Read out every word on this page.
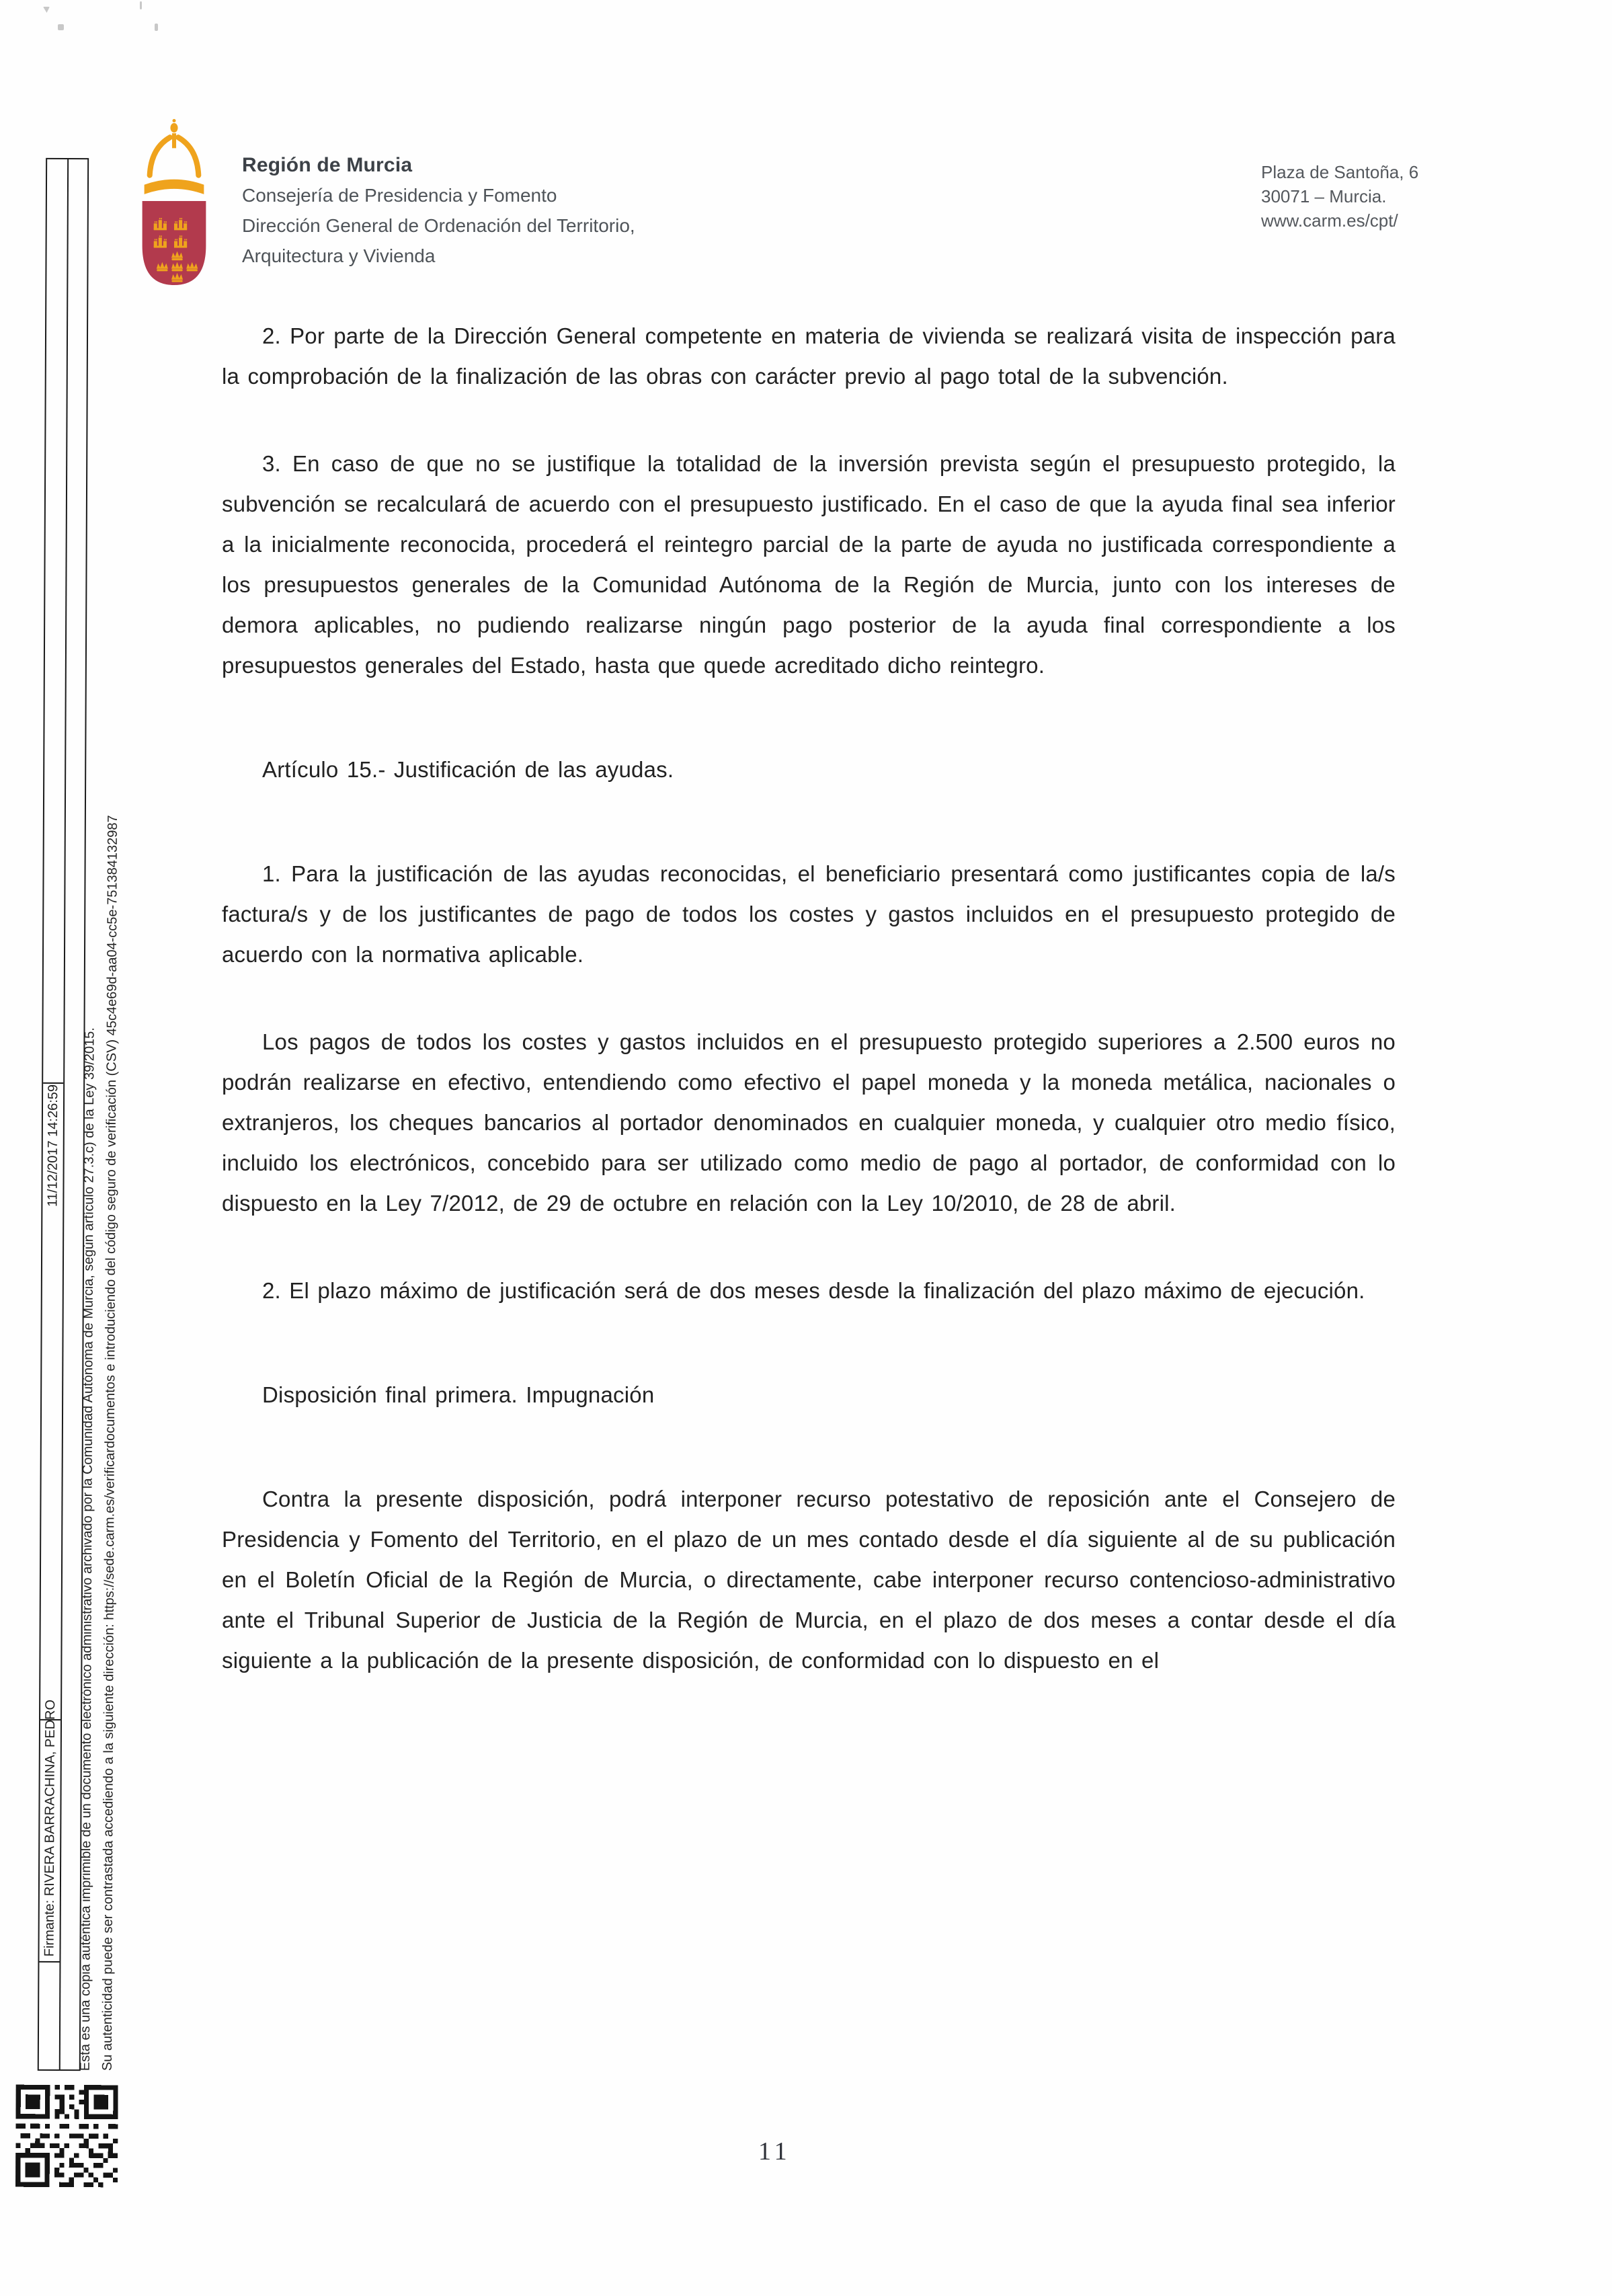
Región de Murcia
Consejería de Presidencia y Fomento
Dirección General de Ordenación del Territorio,
Arquitectura y Vivienda
Plaza de Santoña, 6
30071 – Murcia.
www.carm.es/cpt/
11/12/2017 14:26:59
Firmante: RIVERA BARRACHINA, PEDRO Esta es una copia auténtica imprimible de un documento electrónico administrativo archivado por la Comunidad Autónoma de Murcia, según artículo 27.3.c) de la Ley 39/2015. Su autenticidad puede ser contrastada accediendo a la siguiente dirección: https://sede.carm.es/verificardocumentos e introduciendo del código seguro de verificación (CSV) 45c4e69d-aa04-cc5e-751384132987

2. Por parte de la Dirección General competente en materia de vivienda se realizará visita de inspección para la comprobación de la finalización de las obras con carácter previo al pago total de la subvención.

3. En caso de que no se justifique la totalidad de la inversión prevista según el presupuesto protegido, la subvención se recalculará de acuerdo con el presupuesto justificado. En el caso de que la ayuda final sea inferior a la inicialmente reconocida, procederá el reintegro parcial de la parte de ayuda no justificada correspondiente a los presupuestos generales de la Comunidad Autónoma de la Región de Murcia, junto con los intereses de demora aplicables, no pudiendo realizarse ningún pago posterior de la ayuda final correspondiente a los presupuestos generales del Estado, hasta que quede acreditado dicho reintegro.

Artículo 15.- Justificación de las ayudas.

1. Para la justificación de las ayudas reconocidas, el beneficiario presentará como justificantes copia de la/s factura/s y de los justificantes de pago de todos los costes y gastos incluidos en el presupuesto protegido de acuerdo con la normativa aplicable.

Los pagos de todos los costes y gastos incluidos en el presupuesto protegido superiores a 2.500 euros no podrán realizarse en efectivo, entendiendo como efectivo el papel moneda y la moneda metálica, nacionales o extranjeros, los cheques bancarios al portador denominados en cualquier moneda, y cualquier otro medio físico, incluido los electrónicos, concebido para ser utilizado como medio de pago al portador, de conformidad con lo dispuesto en la Ley 7/2012, de 29 de octubre en relación con la Ley 10/2010, de 28 de abril.

2. El plazo máximo de justificación será de dos meses desde la finalización del plazo máximo de ejecución.

Disposición final primera. Impugnación

Contra la presente disposición, podrá interponer recurso potestativo de reposición ante el Consejero de Presidencia y Fomento del Territorio, en el plazo de un mes contado desde el día siguiente al de su publicación en el Boletín Oficial de la Región de Murcia, o directamente, cabe interponer recurso contencioso-administrativo ante el Tribunal Superior de Justicia de la Región de Murcia, en el plazo de dos meses a contar desde el día siguiente a la publicación de la presente disposición, de conformidad con lo dispuesto en el

11
